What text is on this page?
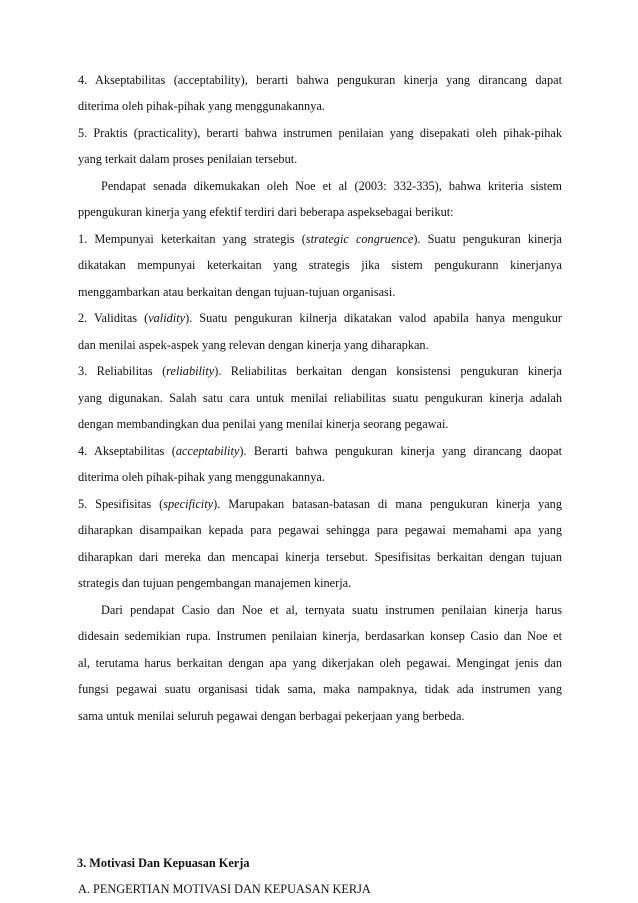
4. Akseptabilitas (acceptability), berarti bahwa pengukuran kinerja yang dirancang dapat
diterima oleh pihak-pihak yang menggunakannya.
5. Praktis (practicality), berarti bahwa instrumen penilaian yang disepakati oleh pihak-pihak
yang terkait dalam proses penilaian tersebut.
Pendapat senada dikemukakan oleh Noe et al (2003: 332-335), bahwa kriteria sistem
ppengukuran kinerja yang efektif terdiri dari beberapa aspeksebagai berikut:
1. Mempunyai keterkaitan yang strategis (strategic congruence). Suatu pengukuran kinerja
dikatakan mempunyai keterkaitan yang strategis jika sistem pengukurann kinerjanya
menggambarkan atau berkaitan dengan tujuan-tujuan organisasi.
2. Validitas (validity). Suatu pengukuran kilnerja dikatakan valod apabila hanya mengukur
dan menilai aspek-aspek yang relevan dengan kinerja yang diharapkan.
3. Reliabilitas (reliability). Reliabilitas berkaitan dengan konsistensi pengukuran kinerja
yang digunakan. Salah satu cara untuk menilai reliabilitas suatu pengukuran kinerja adalah
dengan membandingkan dua penilai yang menilai kinerja seorang pegawai.
4. Akseptabilitas (acceptability). Berarti bahwa pengukuran kinerja yang dirancang daopat
diterima oleh pihak-pihak yang menggunakannya.
5. Spesifisitas (specificity). Marupakan batasan-batasan di mana pengukuran kinerja yang
diharapkan disampaikan kepada para pegawai sehingga para pegawai memahami apa yang
diharapkan dari mereka dan mencapai kinerja tersebut. Spesifisitas berkaitan dengan tujuan
strategis dan tujuan pengembangan manajemen kinerja.
Dari pendapat Casio dan Noe et al, ternyata suatu instrumen penilaian kinerja harus
didesain sedemikian rupa. Instrumen penilaian kinerja, berdasarkan konsep Casio dan Noe et
al, terutama harus berkaitan dengan apa yang dikerjakan oleh pegawai. Mengingat jenis dan
fungsi pegawai suatu organisasi tidak sama, maka nampaknya, tidak ada instrumen yang
sama untuk menilai seluruh pegawai dengan berbagai pekerjaan yang berbeda.
3. Motivasi Dan Kepuasan Kerja
A. PENGERTIAN MOTIVASI DAN KEPUASAN KERJA
